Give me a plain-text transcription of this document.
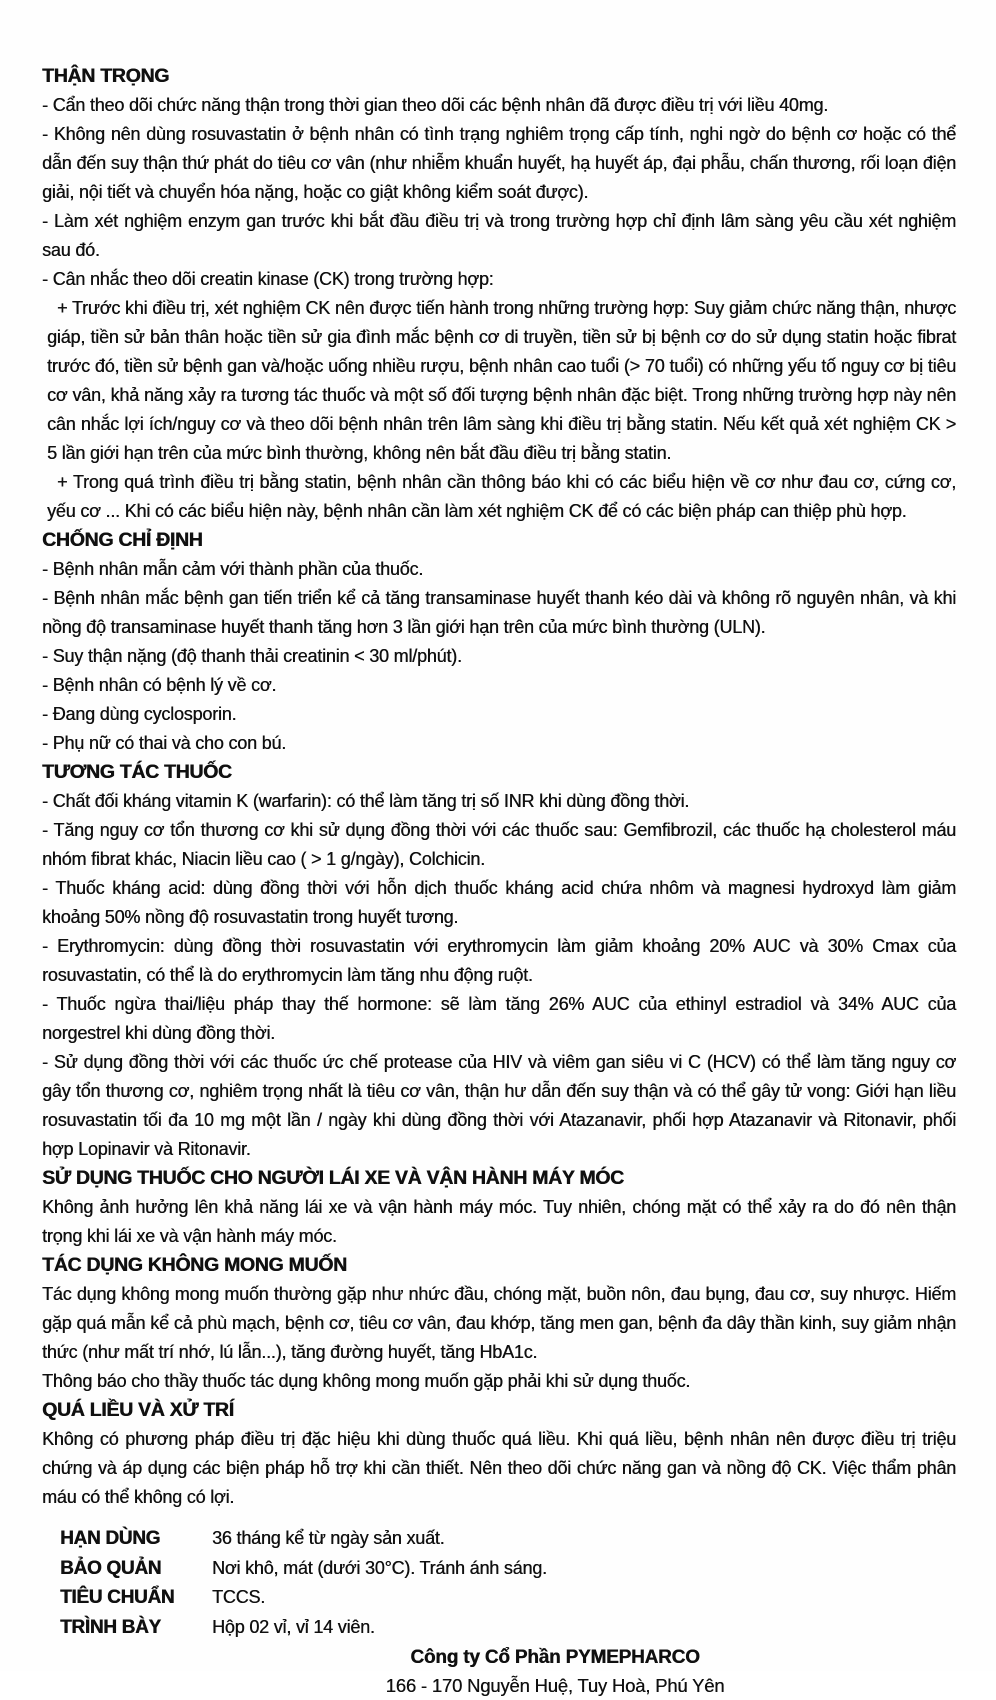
THẬN TRỌNG

- Cẩn theo dõi chức năng thận trong thời gian theo dõi các bệnh nhân đã được điều trị với liều 40mg.

- Không nên dùng rosuvastatin ở bệnh nhân có tình trạng nghiêm trọng cấp tính, nghi ngờ do bệnh cơ hoặc có thể dẫn đến suy thận thứ phát do tiêu cơ vân (như nhiễm khuẩn huyết, hạ huyết áp, đại phẫu, chấn thương, rối loạn điện giải, nội tiết và chuyển hóa nặng, hoặc co giật không kiểm soát được).

- Làm xét nghiệm enzym gan trước khi bắt đầu điều trị và trong trường hợp chỉ định lâm sàng yêu cầu xét nghiệm sau đó.

- Cân nhắc theo dõi creatin kinase (CK) trong trường hợp:

+ Trước khi điều trị, xét nghiệm CK nên được tiến hành trong những trường hợp: Suy giảm chức năng thận, nhược giáp, tiền sử bản thân hoặc tiền sử gia đình mắc bệnh cơ di truyền, tiền sử bị bệnh cơ do sử dụng statin hoặc fibrat trước đó, tiền sử bệnh gan và/hoặc uống nhiều rượu, bệnh nhân cao tuổi (> 70 tuổi) có những yếu tố nguy cơ bị tiêu cơ vân, khả năng xảy ra tương tác thuốc và một số đối tượng bệnh nhân đặc biệt. Trong những trường hợp này nên cân nhắc lợi ích/nguy cơ và theo dõi bệnh nhân trên lâm sàng khi điều trị bằng statin. Nếu kết quả xét nghiệm CK > 5 lần giới hạn trên của mức bình thường, không nên bắt đầu điều trị bằng statin.

+ Trong quá trình điều trị bằng statin, bệnh nhân cần thông báo khi có các biểu hiện về cơ như đau cơ, cứng cơ, yếu cơ ... Khi có các biểu hiện này, bệnh nhân cần làm xét nghiệm CK để có các biện pháp can thiệp phù hợp.

CHỐNG CHỈ ĐỊNH

- Bệnh nhân mẫn cảm với thành phần của thuốc.

- Bệnh nhân mắc bệnh gan tiến triển kể cả tăng transaminase huyết thanh kéo dài và không rõ nguyên nhân, và khi nồng độ transaminase huyết thanh tăng hơn 3 lần giới hạn trên của mức bình thường (ULN).

- Suy thận nặng (độ thanh thải creatinin < 30 ml/phút).

- Bệnh nhân có bệnh lý về cơ.

- Đang dùng cyclosporin.

- Phụ nữ có thai và cho con bú.

TƯƠNG TÁC THUỐC

- Chất đối kháng vitamin K (warfarin): có thể làm tăng trị số INR khi dùng đồng thời.

- Tăng nguy cơ tổn thương cơ khi sử dụng đồng thời với các thuốc sau: Gemfibrozil, các thuốc hạ cholesterol máu nhóm fibrat khác, Niacin liều cao ( > 1 g/ngày), Colchicin.

- Thuốc kháng acid: dùng đồng thời với hỗn dịch thuốc kháng acid chứa nhôm và magnesi hydroxyd làm giảm khoảng 50% nồng độ rosuvastatin trong huyết tương.

- Erythromycin: dùng đồng thời rosuvastatin với erythromycin làm giảm khoảng 20% AUC và 30% Cmax của rosuvastatin, có thể là do erythromycin làm tăng nhu động ruột.

- Thuốc ngừa thai/liệu pháp thay thế hormone: sẽ làm tăng 26% AUC của ethinyl estradiol và 34% AUC của norgestrel khi dùng đồng thời.

- Sử dụng đồng thời với các thuốc ức chế protease của HIV và viêm gan siêu vi C (HCV) có thể làm tăng nguy cơ gây tổn thương cơ, nghiêm trọng nhất là tiêu cơ vân, thận hư dẫn đến suy thận và có thể gây tử vong: Giới hạn liều rosuvastatin tối đa 10 mg một lần / ngày khi dùng đồng thời với Atazanavir, phối hợp Atazanavir và Ritonavir, phối hợp Lopinavir và Ritonavir.

SỬ DỤNG THUỐC CHO NGƯỜI LÁI XE VÀ VẬN HÀNH MÁY MÓC

Không ảnh hưởng lên khả năng lái xe và vận hành máy móc. Tuy nhiên, chóng mặt có thể xảy ra do đó nên thận trọng khi lái xe và vận hành máy móc.

TÁC DỤNG KHÔNG MONG MUỐN

Tác dụng không mong muốn thường gặp như nhức đầu, chóng mặt, buồn nôn, đau bụng, đau cơ, suy nhược. Hiếm gặp quá mẫn kể cả phù mạch, bệnh cơ, tiêu cơ vân, đau khớp, tăng men gan, bệnh đa dây thần kinh, suy giảm nhận thức (như mất trí nhớ, lú lẫn...), tăng đường huyết, tăng HbA1c.

Thông báo cho thầy thuốc tác dụng không mong muốn gặp phải khi sử dụng thuốc.

QUÁ LIỀU VÀ XỬ TRÍ

Không có phương pháp điều trị đặc hiệu khi dùng thuốc quá liều. Khi quá liều, bệnh nhân nên được điều trị triệu chứng và áp dụng các biện pháp hỗ trợ khi cần thiết. Nên theo dõi chức năng gan và nồng độ CK. Việc thẩm phân máu có thể không có lợi.

HẠN DÙNG	36 tháng kể từ ngày sản xuất.
BẢO QUẢN	Nơi khô, mát (dưới 30°C). Tránh ánh sáng.
TIÊU CHUẨN	TCCS.
TRÌNH BÀY	Hộp 02 vỉ, vỉ 14 viên.
Công ty Cổ Phần PYMEPHARCO
166 - 170 Nguyễn Huệ, Tuy Hoà, Phú Yên
